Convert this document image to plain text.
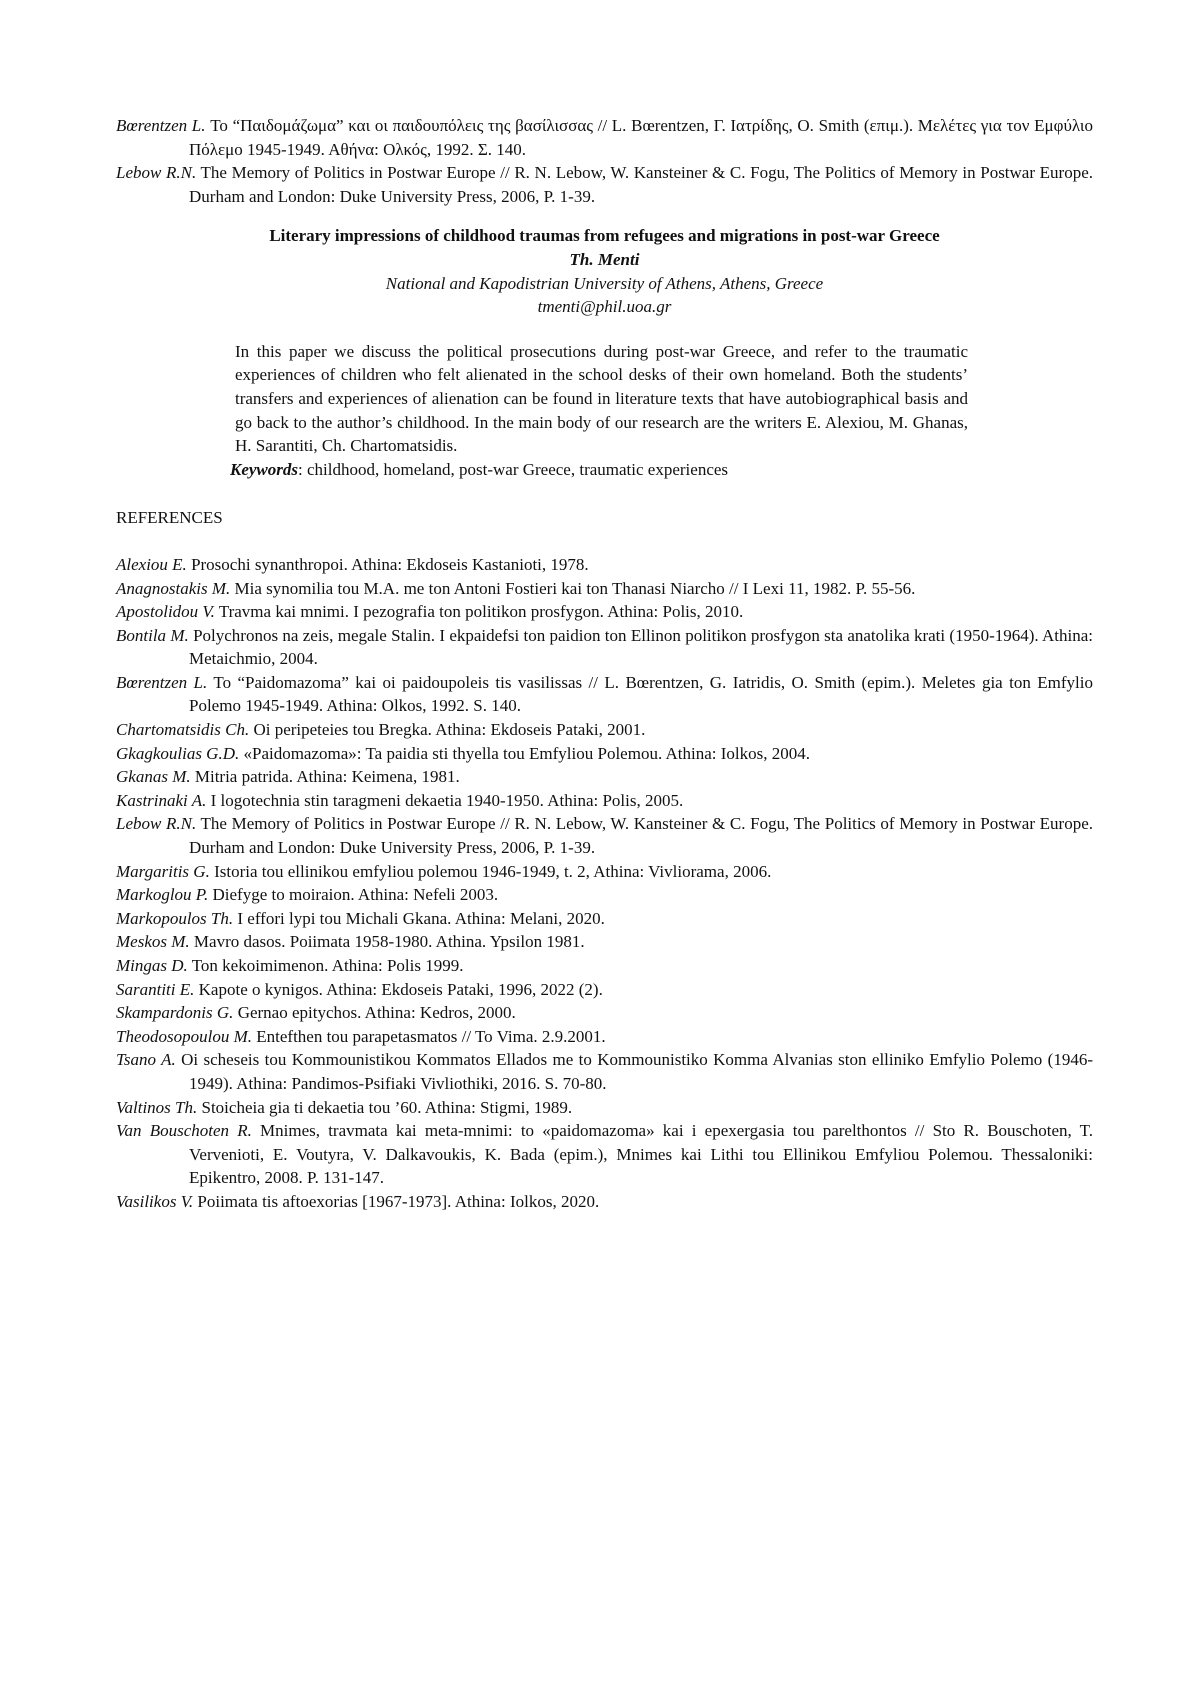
Bœrentzen L. Το “Παιδομάζωμα” και οι παιδουπόλεις της βασίλισσας // L. Bœrentzen, Γ. Ιατρίδης, O. Smith (επιμ.). Μελέτες για τον Εμφύλιο Πόλεμο 1945-1949. Αθήνα: Ολκός, 1992. Σ. 140.

Lebow R.N. The Memory of Politics in Postwar Europe // R. N. Lebow, W. Kansteiner & C. Fogu, The Politics of Memory in Postwar Europe. Durham and London: Duke University Press, 2006, P. 1-39.

Literary impressions of childhood traumas from refugees and migrations in post-war Greece
Th. Menti
National and Kapodistrian University of Athens, Athens, Greece
tmenti@phil.uoa.gr
In this paper we discuss the political prosecutions during post-war Greece, and refer to the traumatic experiences of children who felt alienated in the school desks of their own homeland. Both the students’ transfers and experiences of alienation can be found in literature texts that have autobiographical basis and go back to the author’s childhood. In the main body of our research are the writers E. Alexiou, M. Ghanas, H. Sarantiti, Ch. Chartomatsidis.
Keywords: childhood, homeland, post-war Greece, traumatic experiences
REFERENCES

Alexiou E. Prosochi synanthropoi. Athina: Ekdoseis Kastanioti, 1978.

Anagnostakis M. Mia synomilia tou M.A. me ton Antoni Fostieri kai ton Thanasi Niarcho // I Lexi 11, 1982. P. 55-56.

Apostolidou V. Travma kai mnimi. I pezografia ton politikon prosfygon. Athina: Polis, 2010.

Bontila M. Polychronos na zeis, megale Stalin. I ekpaidefsi ton paidion ton Ellinon politikon prosfygon sta anatolika krati (1950-1964). Athina: Metaichmio, 2004.

Bœrentzen L. To “Paidomazoma” kai oi paidoupoleis tis vasilissas // L. Bœrentzen, G. Iatridis, O. Smith (epim.). Meletes gia ton Emfylio Polemo 1945-1949. Athina: Olkos, 1992. S. 140.

Chartomatsidis Ch. Oi peripeteies tou Bregka. Athina: Ekdoseis Pataki, 2001.

Gkagkoulias G.D. «Paidomazoma»: Ta paidia sti thyella tou Emfyliou Polemou. Athina: Iolkos, 2004.

Gkanas M. Mitria patrida. Athina: Keimena, 1981.

Kastrinaki A. I logotechnia stin taragmeni dekaetia 1940-1950. Athina: Polis, 2005.

Lebow R.N. The Memory of Politics in Postwar Europe // R. N. Lebow, W. Kansteiner & C. Fogu, The Politics of Memory in Postwar Europe. Durham and London: Duke University Press, 2006, P. 1-39.

Margaritis G. Istoria tou ellinikou emfyliou polemou 1946-1949, t. 2, Athina: Vivliorama, 2006.

Markoglou P. Diefyge to moiraion. Athina: Nefeli 2003.

Markopoulos Th. I effori lypi tou Michali Gkana. Athina: Melani, 2020.

Meskos M. Mavro dasos. Poiimata 1958-1980. Athina. Ypsilon 1981.

Mingas D. Ton kekoimimenon. Athina: Polis 1999.

Sarantiti E. Kapote o kynigos. Athina: Ekdoseis Pataki, 1996, 2022 (2).

Skampardonis G. Gernao epitychos. Athina: Kedros, 2000.

Theodosopoulou M. Entefthen tou parapetasmatos // To Vima. 2.9.2001.

Tsano A. Oi scheseis tou Kommounistikou Kommatos Ellados me to Kommounistiko Komma Alvanias ston elliniko Emfylio Polemo (1946-1949). Athina: Pandimos-Psifiaki Vivliothiki, 2016. S. 70-80.

Valtinos Th. Stoicheia gia ti dekaetia tou ’60. Athina: Stigmi, 1989.

Van Bouschoten R. Mnimes, travmata kai meta-mnimi: to «paidomazoma» kai i epexergasia tou parelthontos // Sto R. Bouschoten, T. Vervenioti, E. Voutyra, V. Dalkavoukis, K. Bada (epim.), Mnimes kai Lithi tou Ellinikou Emfyliou Polemou. Thessaloniki: Epikentro, 2008. P. 131-147.

Vasilikos V. Poiimata tis aftoexorias [1967-1973]. Athina: Iolkos, 2020.
